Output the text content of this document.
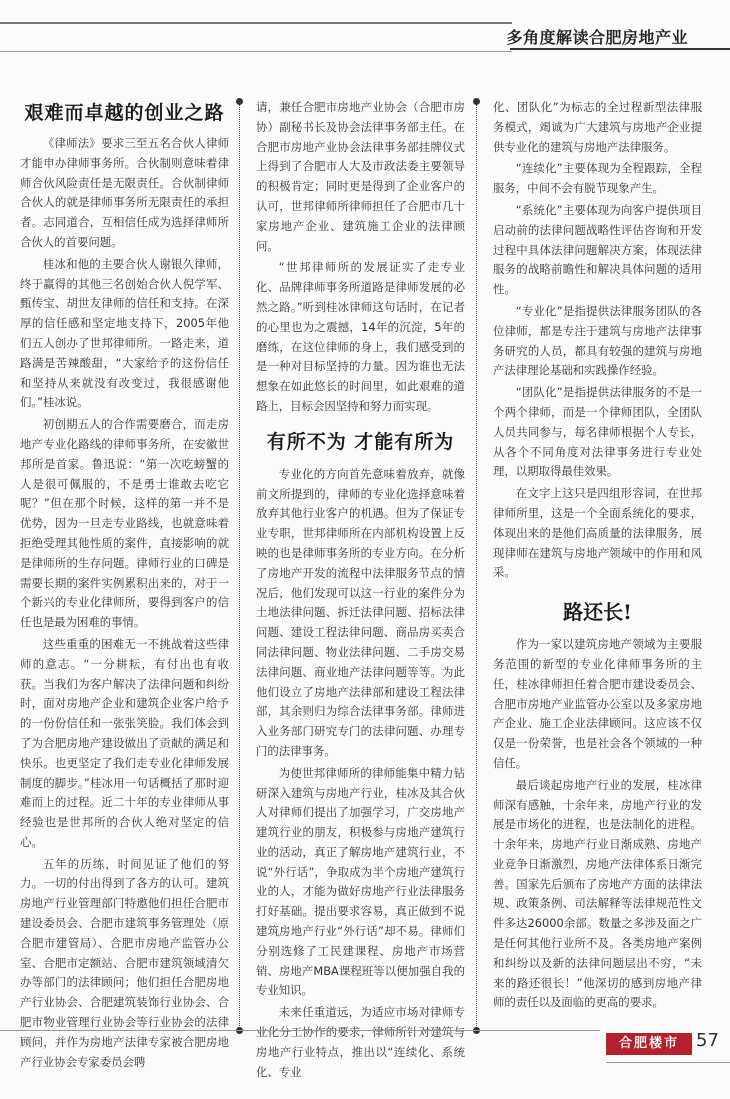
多角度解读合肥房地产业
艰难而卓越的创业之路

《律师法》要求三至五名合伙人律师才能申办律师事务所。合伙制则意味着律师合伙风险责任是无限责任。合伙制律师合伙人的就是律师事务所无限责任的承担者。志同道合，互相信任成为选择律师所合伙人的首要问题。

桂冰和他的主要合伙人谢银久律师，终于赢得的其他三名创始合伙人倪学军、甄传宝、胡世友律师的信任和支持。在深厚的信任感和坚定地支持下，2005年他们五人创办了世邦律师所。一路走来，道路满是苦辣酸甜，“大家给予的这份信任和坚持从来就没有改变过，我很感谢他们。”桂冰说。

初创期五人的合作需要磨合，而走房地产专业化路线的律师事务所，在安徽世邦所是首家。鲁迅说：“第一次吃螃蟹的人是很可佩服的，不是勇士谁敢去吃它呢？”但在那个时候，这样的第一并不是优势，因为一旦走专业路线，也就意味着拒绝受理其他性质的案件，直接影响的就是律师所的生存问题。律师行业的口碑是需要长期的案件实例累积出来的，对于一个新兴的专业化律师所，要得到客户的信任也是最为困难的事情。

这些重重的困难无一不挑战着这些律师的意志。“一分耕耘，有付出也有收获。当我们为客户解决了法律问题和纠纷时，面对房地产企业和建筑企业客户给予的一份份信任和一张张笑脸。我们体会到了为合肥房地产建设做出了贡献的满足和快乐。也更坚定了我们走专业化律师发展制度的脚步。”桂冰用一句话概括了那时迎难而上的过程。近二十年的专业律师从事经验也是世邦所的合伙人绝对坚定的信心。

五年的历练，时间见证了他们的努力。一切的付出得到了各方的认可。建筑房地产行业管理部门特邀他们担任合肥市建设委员会、合肥市建筑事务管理处（原合肥市建管局）、合肥市房地产监管办公室、合肥市定额站、合肥市建筑领域清欠办等部门的法律顾问；他们担任合肥房地产行业协会、合肥建筑装饰行业协会、合肥市物业管理行业协会等行业协会的法律顾问，并作为房地产法律专家被合肥房地产行业协会专家委员会聘

请，兼任合肥市房地产业协会（合肥市房协）副秘书长及协会法律事务部主任。在合肥市房地产业协会法律事务部挂牌仪式上得到了合肥市人大及市政法委主要领导的积极肯定；同时更是得到了企业客户的认可，世邦律师所律师担任了合肥市几十家房地产企业、建筑施工企业的法律顾问。

“世邦律师所的发展证实了走专业化、品牌律师事务所道路是律师发展的必然之路。”听到桂冰律师这句话时，在记者的心里也为之震撼，14年的沉淀，5年的磨练，在这位律师的身上，我们感受到的是一种对目标坚持的力量。因为谁也无法想象在如此悠长的时间里，如此艰难的道路上，目标会因坚持和努力而实现。

有所不为 才能有所为

专业化的方向首先意味着放弃，就像前文所提到的，律师的专业化选择意味着放弃其他行业客户的机遇。但为了保证专业专职，世邦律师所在内部机构设置上反映的也是律师事务所的专业方向。在分析了房地产开发的流程中法律服务节点的情况后，他们发现可以这一行业的案件分为土地法律问题、拆迁法律问题、招标法律问题、建设工程法律问题、商品房买卖合同法律问题、物业法律问题、二手房交易法律问题、商业地产法律问题等等。为此他们设立了房地产法律部和建设工程法律部，其余则归为综合法律事务部。律师进入业务部门研究专门的法律问题、办理专门的法律事务。

为使世邦律师所的律师能集中精力钻研深入建筑与房地产行业，桂冰及其合伙人对律师们提出了加强学习，广交房地产建筑行业的朋友，积极参与房地产建筑行业的活动，真正了解房地产建筑行业，不说“外行话”，争取成为半个房地产建筑行业的人，才能为做好房地产行业法律服务打好基础。提出要求容易，真正做到不说建筑房地产行业“外行话”却不易。律师们分别选修了工民建课程、房地产市场营销、房地产MBA课程班等以便加强自我的专业知识。

未来任重道远，为适应市场对律师专业化分工协作的要求，律师所针对建筑与房地产行业特点，推出以“连续化、系统化、专业

化、团队化”为标志的全过程新型法律服务模式，竭诚为广大建筑与房地产企业提供专业化的建筑与房地产法律服务。

“连续化”主要体现为全程跟踪，全程服务，中间不会有脱节现象产生。

“系统化”主要体现为向客户提供项目启动前的法律问题战略性评估咨询和开发过程中具体法律问题解决方案，体现法律服务的战略前瞻性和解决具体问题的适用性。

“专业化”是指提供法律服务团队的各位律师，都是专注于建筑与房地产法律事务研究的人员，都具有较强的建筑与房地产法律理论基础和实践操作经验。

“团队化”是指提供法律服务的不是一个两个律师，而是一个律师团队，全团队人员共同参与，每名律师根据个人专长，从各个不同角度对法律事务进行专业处理，以期取得最佳效果。

在文字上这只是四组形容词，在世邦律师所里，这是一个全面系统化的要求，体现出来的是他们高质量的法律服务，展现律师在建筑与房地产领域中的作用和风采。

路还长!

作为一家以建筑房地产领域为主要服务范围的新型的专业化律师事务所的主任，桂冰律师担任着合肥市建设委员会、合肥市房地产业监管办公室以及多家房地产企业、施工企业法律顾问。这应该不仅仅是一份荣誉，也是社会各个领域的一种信任。

最后谈起房地产行业的发展，桂冰律师深有感触，十余年来，房地产行业的发展是市场化的进程，也是法制化的进程。十余年来，房地产行业日渐成熟、房地产业竞争日渐激烈，房地产法律体系日渐完善。国家先后颁布了房地产方面的法律法规、政策条例、司法解释等法律规范性文件多达26000余部。数量之多涉及面之广是任何其他行业所不及。各类房地产案例和纠纷以及新的法律问题层出不穷，“未来的路还很长！”他深切的感到房地产律师的责任以及面临的更高的要求。

合肥楼市 57
